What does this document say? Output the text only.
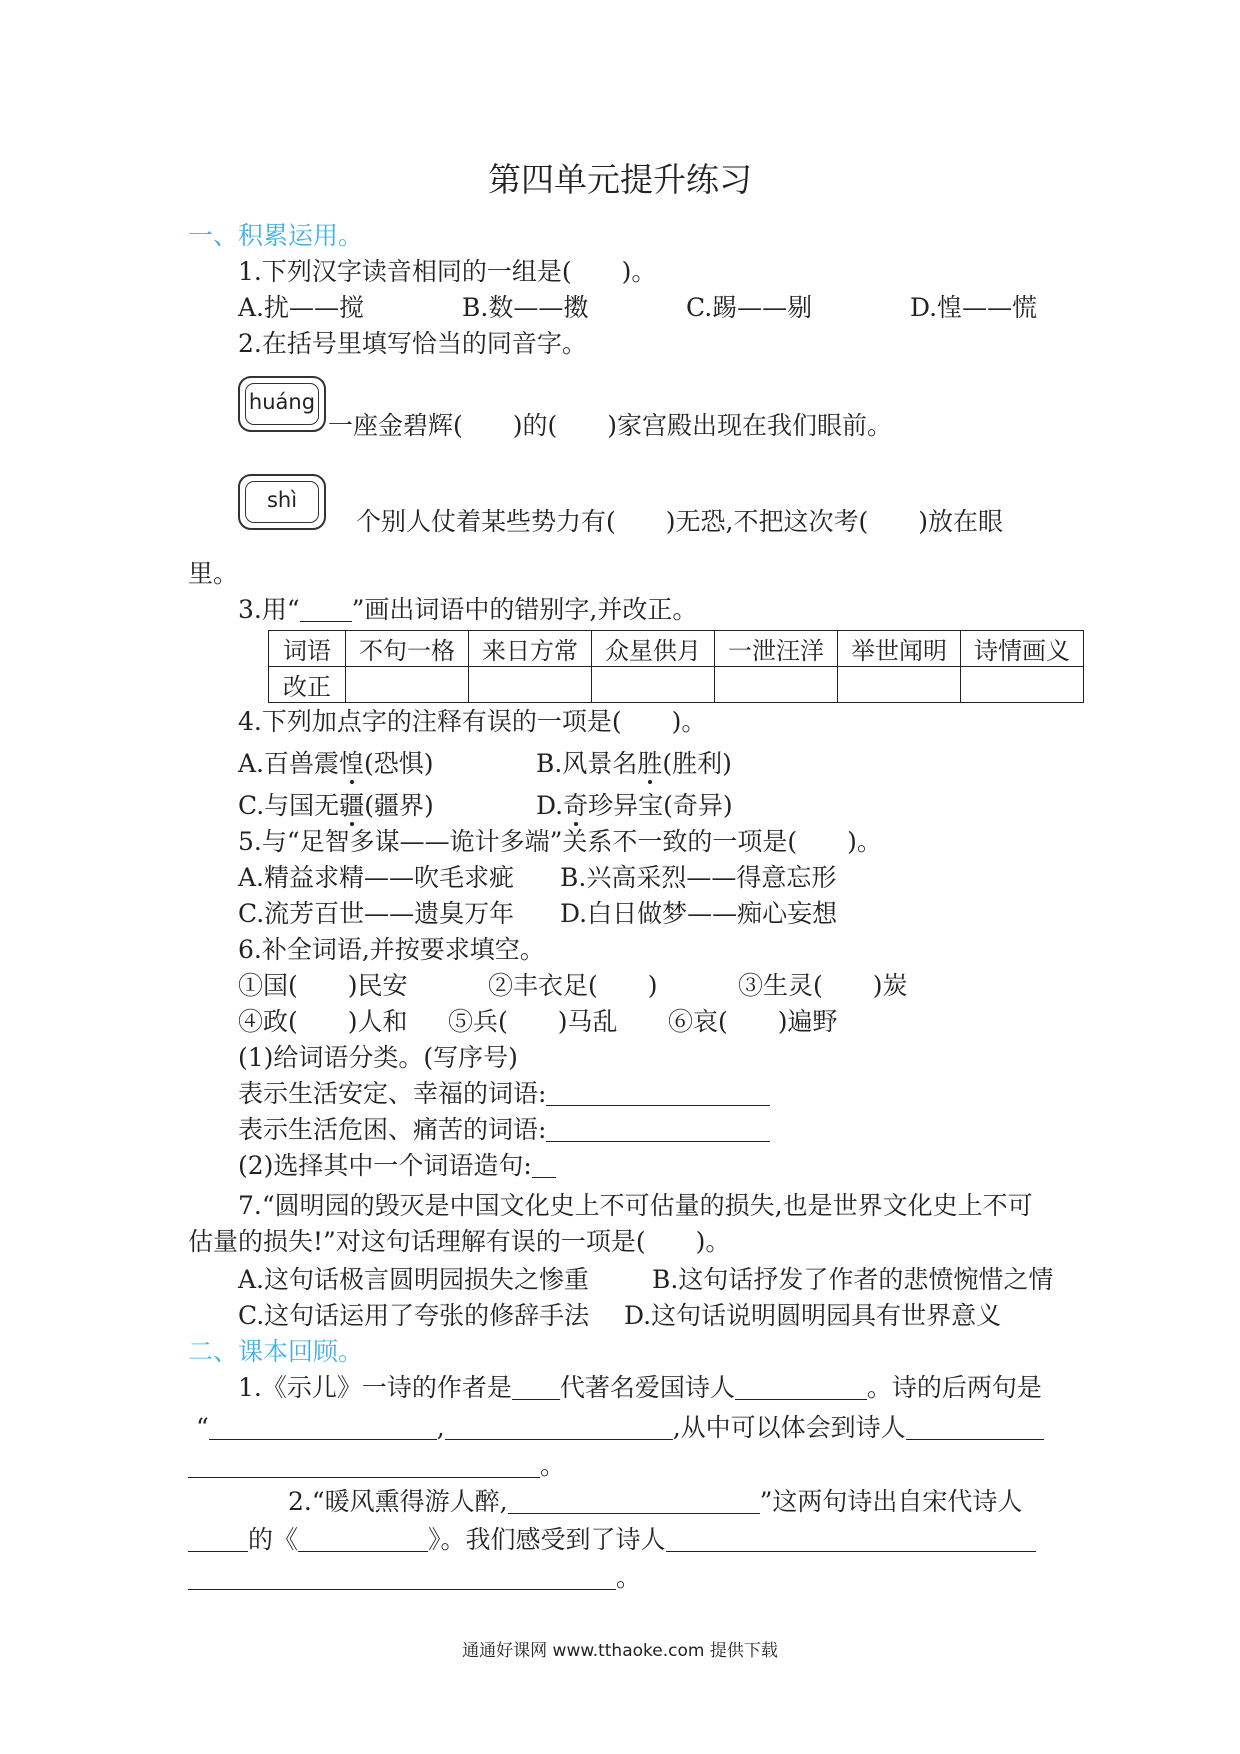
第四单元提升练习
一、积累运用。
1.下列汉字读音相同的一组是(　　)。
A.扰——搅	B.数——擞	C.踢——剔	D.惶——慌
2.在括号里填写恰当的同音字。
huáng
一座金碧辉(　　)的(　　)家宫殿出现在我们眼前。
shì
个别人仗着某些势力有(　　)无恐,不把这次考(　　)放在眼
里。
3.用“ ”画出词语中的错别字,并改正。
词语	不句一格	来日方常	众星供月	一泄汪洋	举世闻明	诗情画义
改正						
4.下列加点字的注释有误的一项是(　　)。
A.百兽震惶(恐惧)	B.风景名胜(胜利)
C.与国无疆(疆界)	D.奇珍异宝(奇异)
5.与“足智多谋——诡计多端”关系不一致的一项是(　　)。
A.精益求精——吹毛求疵 B.兴高采烈——得意忘形
C.流芳百世——遗臭万年 D.白日做梦——痴心妄想
6.补全词语,并按要求填空。
①国(　　)民安	②丰衣足(　　)	③生灵(　　)炭
④政(　　)人和 ⑤兵(　　)马乱 ⑥哀(　　)遍野
(1)给词语分类。(写序号)
表示生活安定、幸福的词语:
表示生活危困、痛苦的词语:
(2)选择其中一个词语造句:
7.“圆明园的毁灭是中国文化史上不可估量的损失,也是世界文化史上不可
估量的损失!”对这句话理解有误的一项是(　　)。
A.这句话极言圆明园损失之惨重	B.这句话抒发了作者的悲愤惋惜之情
C.这句话运用了夸张的修辞手法 D.这句话说明圆明园具有世界意义
二、课本回顾。
1.《示儿》一诗的作者是 代著名爱国诗人	。诗的后两句是
“	,	,从中可以体会到诗人
。
2.“暖风熏得游人醉,	”这两句诗出自宋代诗人
的《	》。我们感受到了诗人
。
通通好课网 www.tthaoke.com 提供下载
